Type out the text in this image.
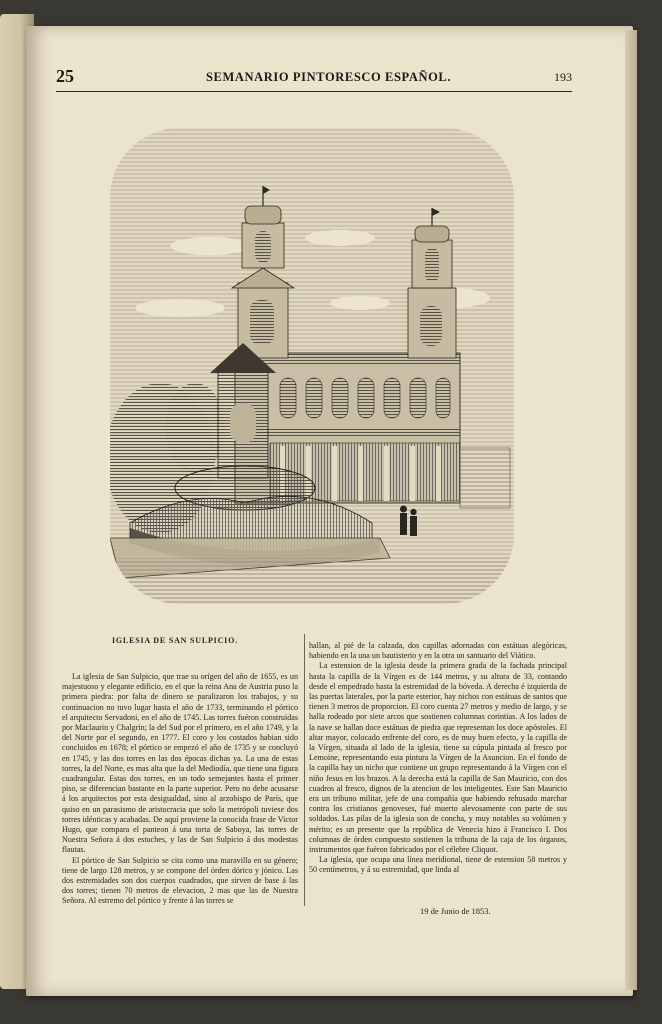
25	SEMANARIO PINTORESCO ESPAÑOL.	193
IGLESIA DE SAN SULPICIO.

La iglesia de San Sulpicio, que trae su orígen del año de 1655, es un majestuoso y elegante edificio, en el que la reina Ana de Austria puso la primera piedra: por falta de dinero se paralizaron los trabajos, y su continuacion no tuvo lugar hasta el año de 1733, terminando el pórtico el arquitecto Servadoni, en el año de 1745. Las torres fuéron construidas por Maclaurin y Chalgrin; la del Sud por el primero, en el año 1749, y la del Norte por el segundo, en 1777. El coro y los costados habian sido concluidos en 1678; el pórtico se empezó el año de 1735 y se concluyó en 1745, y las dos torres en las dos épocas dichas ya. La una de estas torres, la del Norte, es mas alta que la del Mediodía, que tiene una figura cuadrangular. Estas dos torres, en un todo semejantes hasta el primer piso, se diferencian bastante en la parte superior. Pero no debe acusarse á los arquitectos por esta desigualdad, sino al arzobispo de París, que quiso en un parasismo de aristocracia que solo la metrópoli tuviese dos torres idénticas y acabadas. De aquí proviene la conocida frase de Victor Hugo, que compara el panteon á una torta de Saboya, las torres de Nuestra Señora á dos estuches, y las de San Sulpicio á dos modestas flautas.

El pórtico de San Sulpicio se cita como una maravilla en su género; tiene de largo 128 metros, y se compone del órden dórico y jónico. Las dos estremidades son dos cuerpos cuadrados, que sirven de base á las dos torres; tienen 70 metros de elevacion, 2 mas que las de Nuestra Señora. Al estremo del pórtico y frente á las torres se

hallan, al pié de la calzada, dos capillas adornadas con estátuas alegóricas, habiendo en la una un bautisterio y en la otra un santuario del Viático.

La estension de la iglesia desde la primera grada de la fachada principal hasta la capilla de la Vírgen es de 144 metros, y su altura de 33, contando desde el empedrado hasta la estremidad de la bóveda. A derecha é izquierda de las puertas laterales, por la parte esterior, hay nichos con estátuas de santos que tienen 3 metros de proporcion. El coro cuenta 27 metros y medio de largo, y se halla rodeado por siete arcos que sostienen columnas corintias. A los lados de la nave se hallan doce estátuas de piedra que representan los doce apóstoles. El altar mayor, colocado enfrente del coro, es de muy buen efecto, y la capilla de la Vírgen, situada al lado de la iglesia, tiene su cúpula pintada al fresco por Lemoine, representando esta pintura la Vírgen de la Asuncion. En el fondo de la capilla hay un nicho que contiene un grupo representando á la Vírgen con el niño Jesus en los brazos. A la derecha está la capilla de San Mauricio, con dos cuadros al fresco, dignos de la atencion de los inteligentes. Este San Mauricio era un tribuno militar, jefe de una compañía que habiendo rehusado marchar contra los cristianos genoveses, fué muerto alevosamente con parte de sus soldados. Las pilas de la iglesia son de concha, y muy notables su volúmen y mérito; es un presente que la república de Venecia hizo á Francisco I. Dos columnas de órden compuesto sostienen la tribuna de la caja de los órganos, instrumentos que fuéron fabricados por el célebre Cliquot.

La iglesia, que ocupa una línea meridional, tiene de estension 58 metros y 50 centímetros, y á su estremidad, que linda al

19 de Junio de 1853.
